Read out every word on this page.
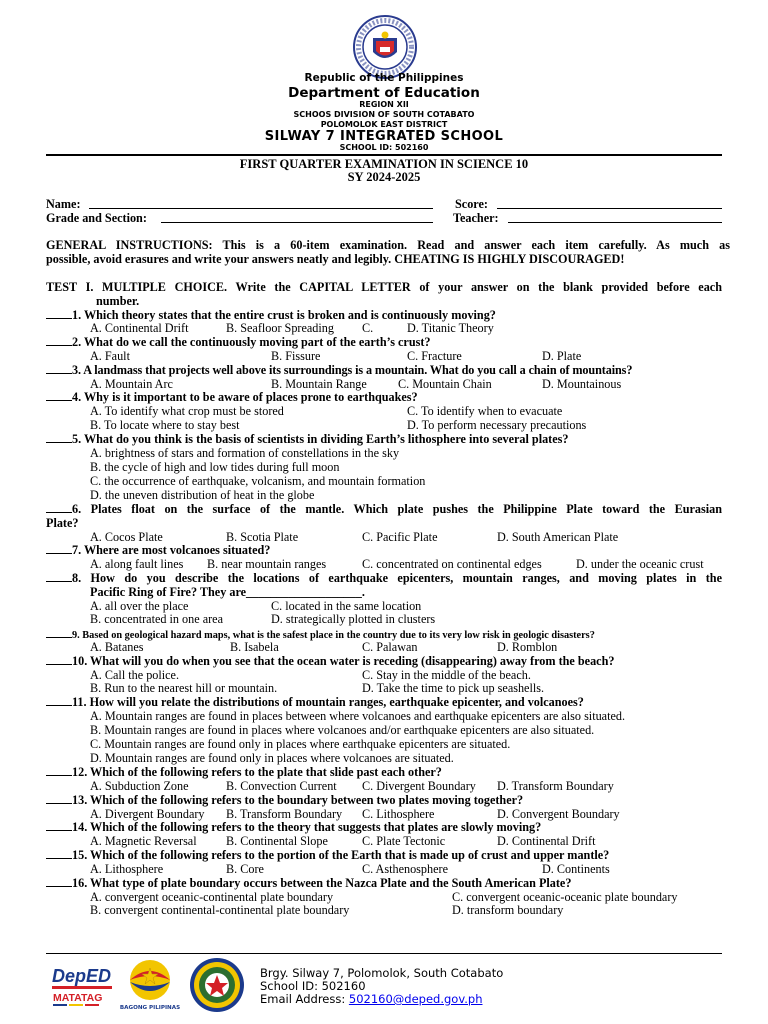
Republic of the Philippines
Department of Education
REGION XII
SCHOOS DIVISION OF SOUTH COTABATO
POLOMOLOK EAST DISTRICT
SILWAY 7 INTEGRATED SCHOOL
SCHOOL ID: 502160
FIRST QUARTER EXAMINATION IN SCIENCE 10
SY 2024-2025
Name:	Score:
Grade and Section:	Teacher:
GENERAL INSTRUCTIONS: This is a 60-item examination. Read and answer each item carefully. As much as
possible, avoid erasures and write your answers neatly and legibly. CHEATING IS HIGHLY DISCOURAGED!
TEST I. MULTIPLE CHOICE. Write the CAPITAL LETTER of your answer on the blank provided before each
number.
1. Which theory states that the entire crust is broken and is continuously moving?
A. Continental Drift	B. Seafloor Spreading C.	D. Titanic Theory
2. What do we call the continuously moving part of the earth’s crust?
A. Fault	B. Fissure	C. Fracture	D. Plate
3. A landmass that projects well above its surroundings is a mountain. What do you call a chain of mountains?
A. Mountain Arc	B. Mountain Range	C. Mountain Chain	D. Mountainous
4. Why is it important to be aware of places prone to earthquakes?
A. To identify what crop must be stored	C. To identify when to evacuate
B. To locate where to stay best	D. To perform necessary precautions
5. What do you think is the basis of scientists in dividing Earth’s lithosphere into several plates?
A. brightness of stars and formation of constellations in the sky
B. the cycle of high and low tides during full moon
C. the occurrence of earthquake, volcanism, and mountain formation
D. the uneven distribution of heat in the globe
6. Plates float on the surface of the mantle. Which plate pushes the Philippine Plate toward the Eurasian
Plate?
A. Cocos Plate	B. Scotia Plate	C. Pacific Plate	D. South American Plate
7. Where are most volcanoes situated?
A. along fault lines B. near mountain ranges	C. concentrated on continental edges	D. under the oceanic crust
8. How do you describe the locations of earthquake epicenters, mountain ranges, and moving plates in the
Pacific Ring of Fire? They are___________________.
A. all over the place	C. located in the same location
B. concentrated in one area	D. strategically plotted in clusters
9. Based on geological hazard maps, what is the safest place in the country due to its very low risk in geologic disasters?
A. Batanes	B. Isabela	C. Palawan	D. Romblon
10. What will you do when you see that the ocean water is receding (disappearing) away from the beach?
A. Call the police.	C. Stay in the middle of the beach.
B. Run to the nearest hill or mountain.	D. Take the time to pick up seashells.
11. How will you relate the distributions of mountain ranges, earthquake epicenter, and volcanoes?
A. Mountain ranges are found in places between where volcanoes and earthquake epicenters are also situated.
B. Mountain ranges are found in places where volcanoes and/or earthquake epicenters are also situated.
C. Mountain ranges are found only in places where earthquake epicenters are situated.
D. Mountain ranges are found only in places where volcanoes are situated.
12. Which of the following refers to the plate that slide past each other?
A. Subduction Zone	B. Convection Current C. Divergent Boundary D. Transform Boundary
13. Which of the following refers to the boundary between two plates moving together?
A. Divergent Boundary B. Transform Boundary C. Lithosphere	D. Convergent Boundary
14. Which of the following refers to the theory that suggests that plates are slowly moving?
A. Magnetic Reversal B. Continental Slope	C. Plate Tectonic	D. Continental Drift
15. Which of the following refers to the portion of the Earth that is made up of crust and upper mantle?
A. Lithosphere	B. Core	C. Asthenosphere	D. Continents
16. What type of plate boundary occurs between the Nazca Plate and the South American Plate?
A. convergent oceanic-continental plate boundary	C. convergent oceanic-oceanic plate boundary
B. convergent continental-continental plate boundary	D. transform boundary
DepED
MATATAG
BAGONG PILIPINAS
Brgy. Silway 7, Polomolok, South Cotabato
School ID: 502160
Email Address: 502160@deped.gov.ph
